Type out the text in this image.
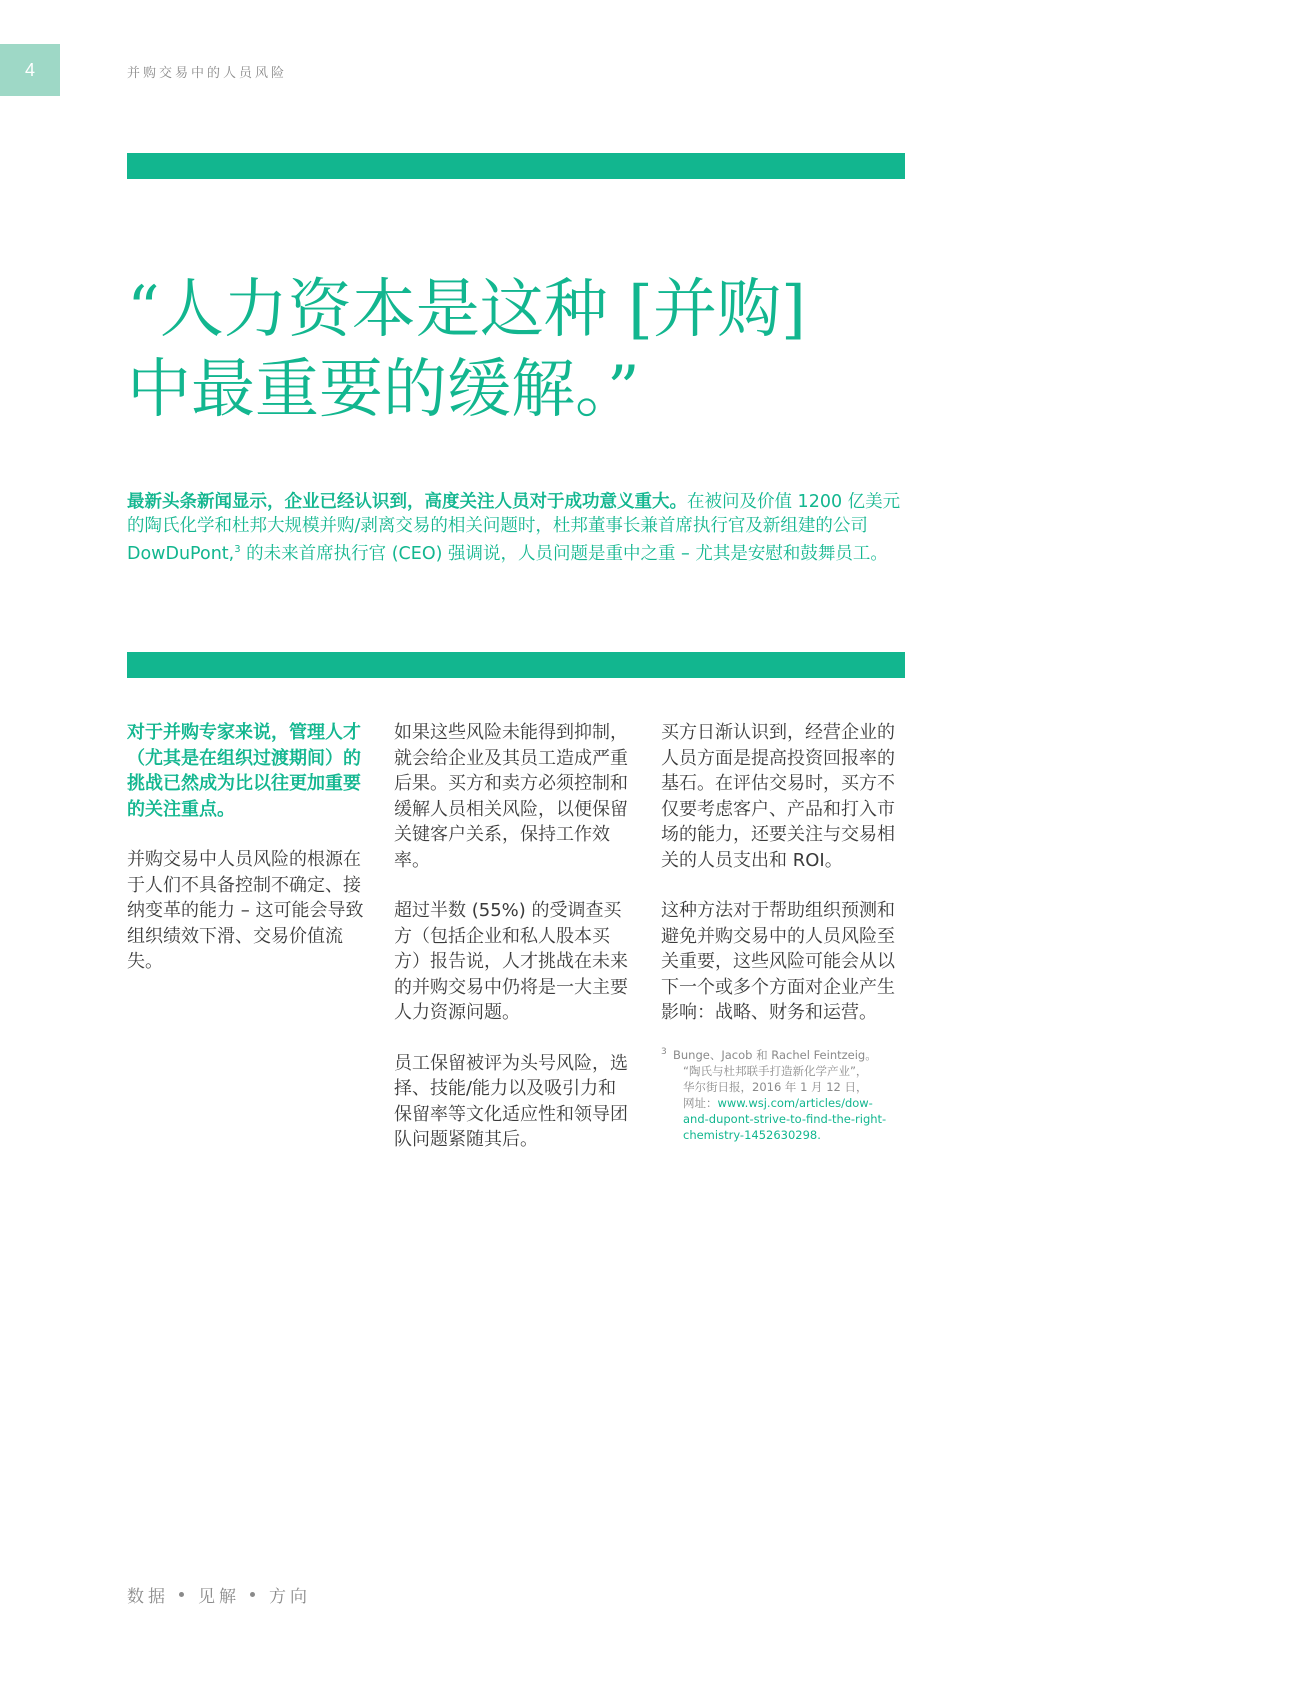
4	并购交易中的人员风险
“人力资本是这种 [并购]
中最重要的缓解。”
最新头条新闻显示，企业已经认识到，高度关注人员对于成功意义重大。在被问及价值 1200 亿美元的陶氏化学和杜邦大规模并购/剥离交易的相关问题时，杜邦董事长兼首席执行官及新组建的公司 DowDuPont,$^3$ 的未来首席执行官 (CEO) 强调说，人员问题是重中之重 – 尤其是安慰和鼓舞员工。

对于并购专家来说，管理人才（尤其是在组织过渡期间）的挑战已然成为比以往更加重要的关注重点。

并购交易中人员风险的根源在于人们不具备控制不确定、接纳变革的能力 – 这可能会导致组织绩效下滑、交易价值流失。

如果这些风险未能得到抑制，就会给企业及其员工造成严重后果。买方和卖方必须控制和缓解人员相关风险，以便保留关键客户关系，保持工作效率。

超过半数 (55%) 的受调查买方（包括企业和私人股本买方）报告说，人才挑战在未来的并购交易中仍将是一大主要人力资源问题。

员工保留被评为头号风险，选择、技能/能力以及吸引力和保留率等文化适应性和领导团队问题紧随其后。

买方日渐认识到，经营企业的人员方面是提高投资回报率的基石。在评估交易时，买方不仅要考虑客户、产品和打入市场的能力，还要关注与交易相关的人员支出和 ROI。

这种方法对于帮助组织预测和避免并购交易中的人员风险至关重要，这些风险可能会从以下一个或多个方面对企业产生影响：战略、财务和运营。

3 Bunge、Jacob 和 Rachel Feintzeig。
“陶氏与杜邦联手打造新化学产业”，
华尔街日报，2016 年 1 月 12 日，
网址：www.wsj.com/articles/dow-
and-dupont-strive-to-find-the-right-
chemistry-1452630298.
数据 见解 方向
